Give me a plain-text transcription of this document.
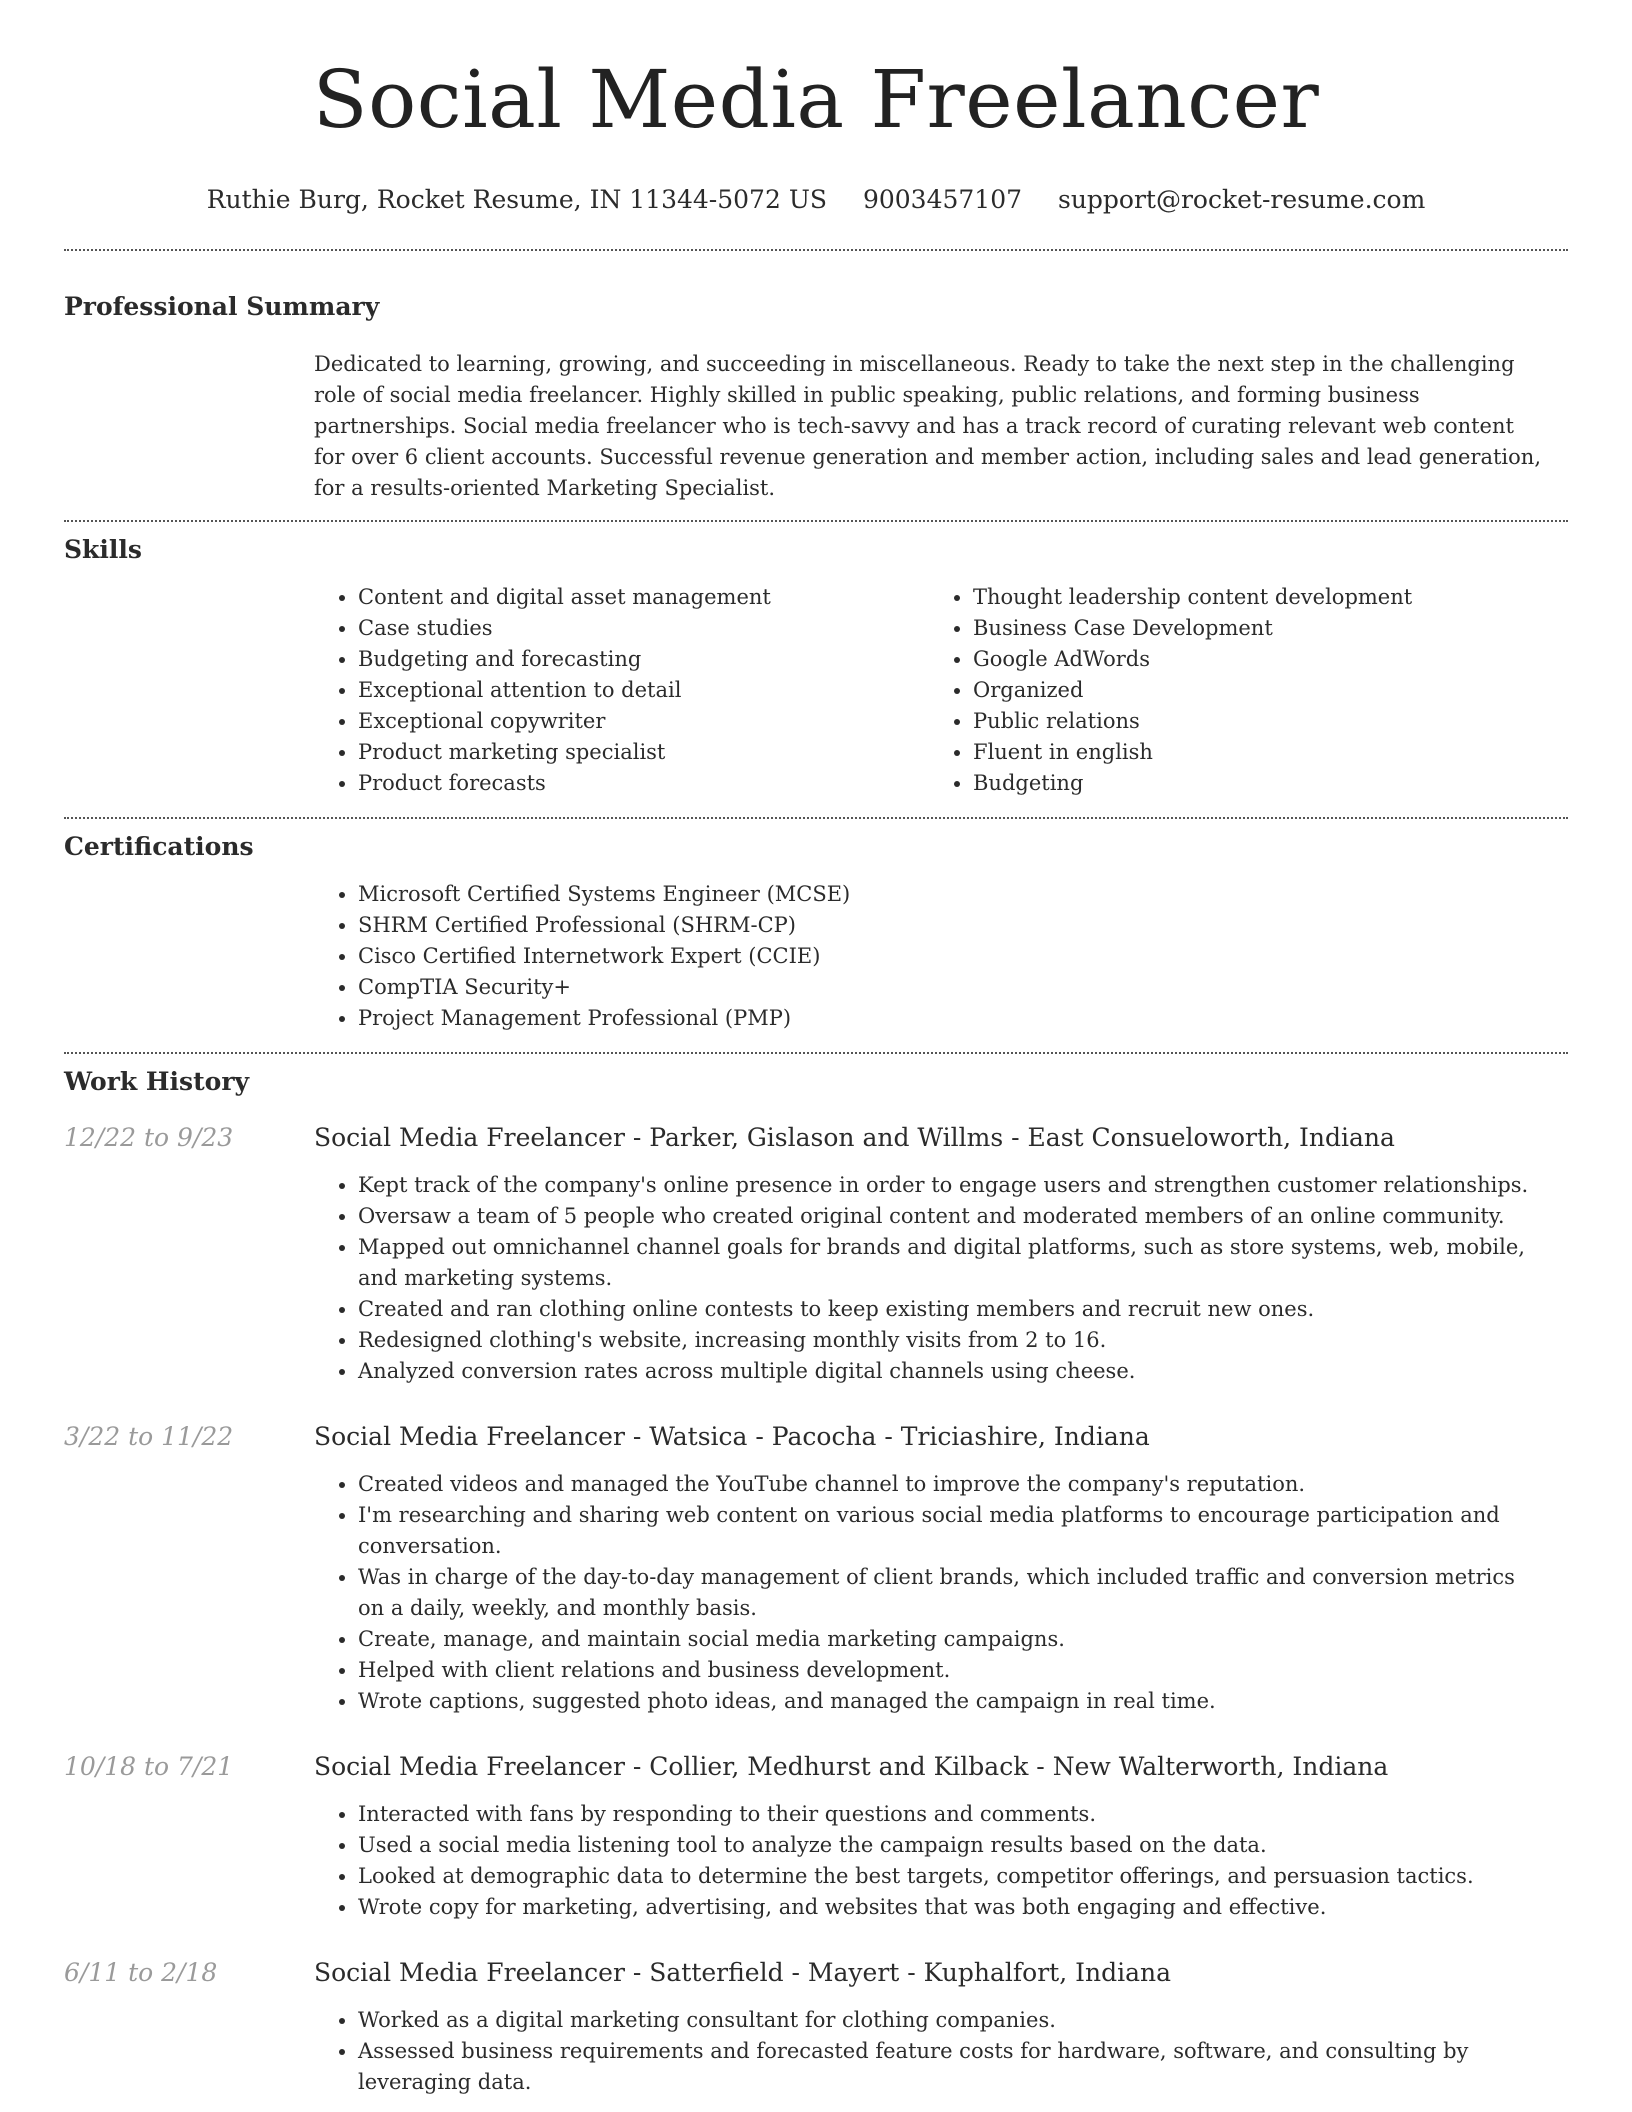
Social Media Freelancer
Ruthie Burg, Rocket Resume, IN 11344-5072 US 9003457107 support@rocket-resume.com
Professional Summary
Dedicated to learning, growing, and succeeding in miscellaneous. Ready to take the next step in the challenging role of social media freelancer. Highly skilled in public speaking, public relations, and forming business partnerships. Social media freelancer who is tech-savvy and has a track record of curating relevant web content for over 6 client accounts. Successful revenue generation and member action, including sales and lead generation, for a results-oriented Marketing Specialist.
Skills
• Content and digital asset management
• Case studies
• Budgeting and forecasting
• Exceptional attention to detail
• Exceptional copywriter
• Product marketing specialist
• Product forecasts
• Thought leadership content development
• Business Case Development
• Google AdWords
• Organized
• Public relations
• Fluent in english
• Budgeting
Certifications
• Microsoft Certified Systems Engineer (MCSE)
• SHRM Certified Professional (SHRM-CP)
• Cisco Certified Internetwork Expert (CCIE)
• CompTIA Security+
• Project Management Professional (PMP)
Work History
12/22 to 9/23	Social Media Freelancer - Parker, Gislason and Willms - East Consueloworth, Indiana
• Kept track of the company's online presence in order to engage users and strengthen customer relationships.
• Oversaw a team of 5 people who created original content and moderated members of an online community.
• Mapped out omnichannel channel goals for brands and digital platforms, such as store systems, web, mobile, and marketing systems.
• Created and ran clothing online contests to keep existing members and recruit new ones.
• Redesigned clothing's website, increasing monthly visits from 2 to 16.
• Analyzed conversion rates across multiple digital channels using cheese.
3/22 to 11/22	Social Media Freelancer - Watsica - Pacocha - Triciashire, Indiana
• Created videos and managed the YouTube channel to improve the company's reputation.
• I'm researching and sharing web content on various social media platforms to encourage participation and conversation.
• Was in charge of the day-to-day management of client brands, which included traffic and conversion metrics on a daily, weekly, and monthly basis.
• Create, manage, and maintain social media marketing campaigns.
• Helped with client relations and business development.
• Wrote captions, suggested photo ideas, and managed the campaign in real time.
10/18 to 7/21	Social Media Freelancer - Collier, Medhurst and Kilback - New Walterworth, Indiana
• Interacted with fans by responding to their questions and comments.
• Used a social media listening tool to analyze the campaign results based on the data.
• Looked at demographic data to determine the best targets, competitor offerings, and persuasion tactics.
• Wrote copy for marketing, advertising, and websites that was both engaging and effective.
6/11 to 2/18	Social Media Freelancer - Satterfield - Mayert - Kuphalfort, Indiana
• Worked as a digital marketing consultant for clothing companies.
• Assessed business requirements and forecasted feature costs for hardware, software, and consulting by leveraging data.
